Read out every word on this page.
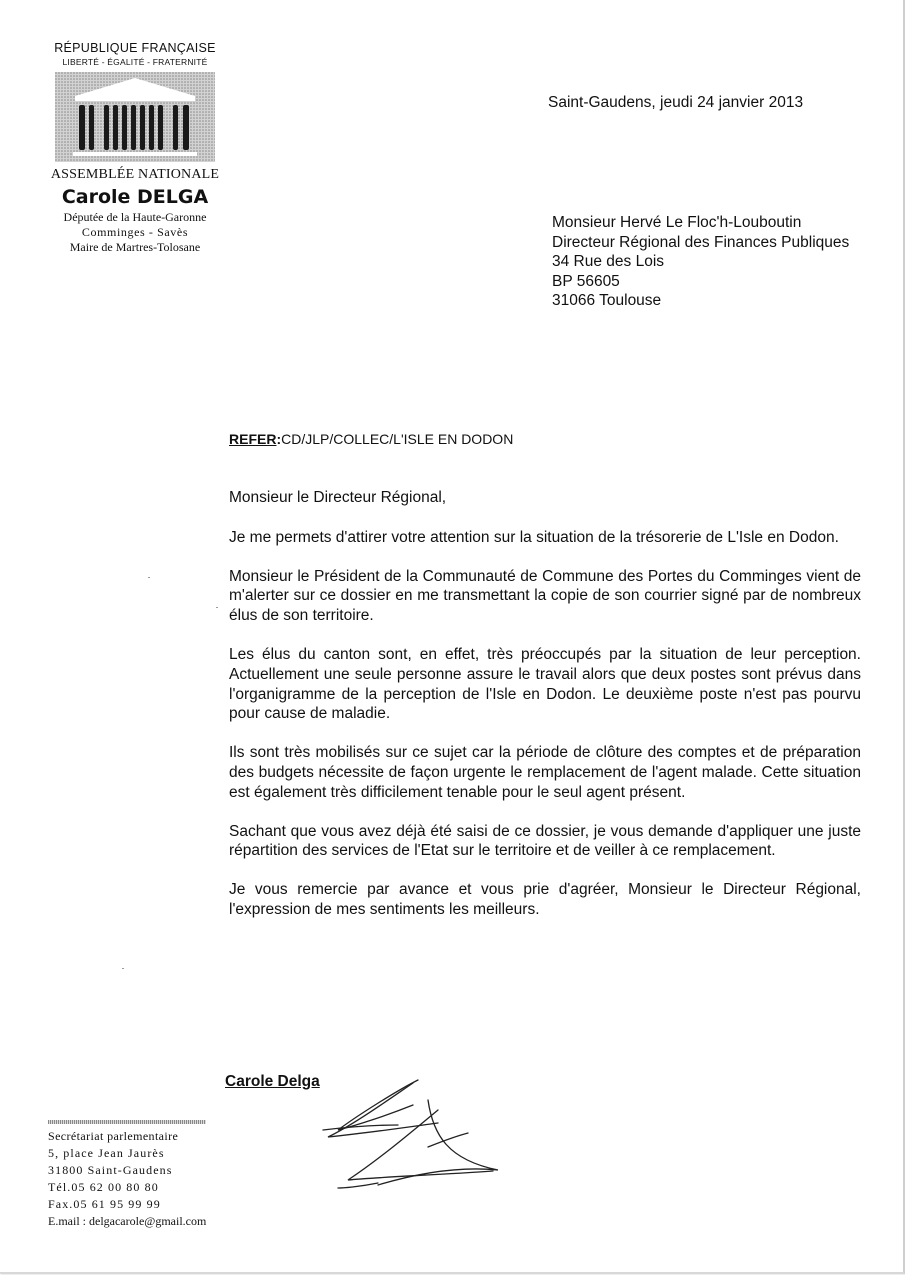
RÉPUBLIQUE FRANÇAISE

LIBERTÉ - ÉGALITÉ - FRATERNITÉ

ASSEMBLÉE NATIONALE

Carole DELGA

Députée de la Haute-Garonne

Comminges - Savès

Maire de Martres-Tolosane

Saint-Gaudens, jeudi 24 janvier 2013

Monsieur Hervé Le Floc'h-Louboutin
Directeur Régional des Finances Publiques
34 Rue des Lois
BP 56605
31066 Toulouse
REFER:CD/JLP/COLLEC/L'ISLE EN DODON

Monsieur le Directeur Régional,

Je me permets d'attirer votre attention sur la situation de la trésorerie de L'Isle en Dodon.

Monsieur le Président de la Communauté de Commune des Portes du Comminges vient de m'alerter sur ce dossier en me transmettant la copie de son courrier signé par de nombreux élus de son territoire.

Les élus du canton sont, en effet, très préoccupés par la situation de leur perception. Actuellement une seule personne assure le travail alors que deux postes sont prévus dans l'organigramme de la perception de l'Isle en Dodon. Le deuxième poste n'est pas pourvu pour cause de maladie.

Ils sont très mobilisés sur ce sujet car la période de clôture des comptes et de préparation des budgets nécessite de façon urgente le remplacement de l'agent malade. Cette situation est également très difficilement tenable pour le seul agent présent.

Sachant que vous avez déjà été saisi de ce dossier, je vous demande d'appliquer une juste répartition des services de l'Etat sur le territoire et de veiller à ce remplacement.

Je vous remercie par avance et vous prie d'agréer, Monsieur le Directeur Régional, l'expression de mes sentiments les meilleurs.

Carole Delga
Secrétariat parlementaire
5, place Jean Jaurès
31800 Saint-Gaudens
Tél.05 62 00 80 80
Fax.05 61 95 99 99
E.mail : delgacarole@gmail.com
